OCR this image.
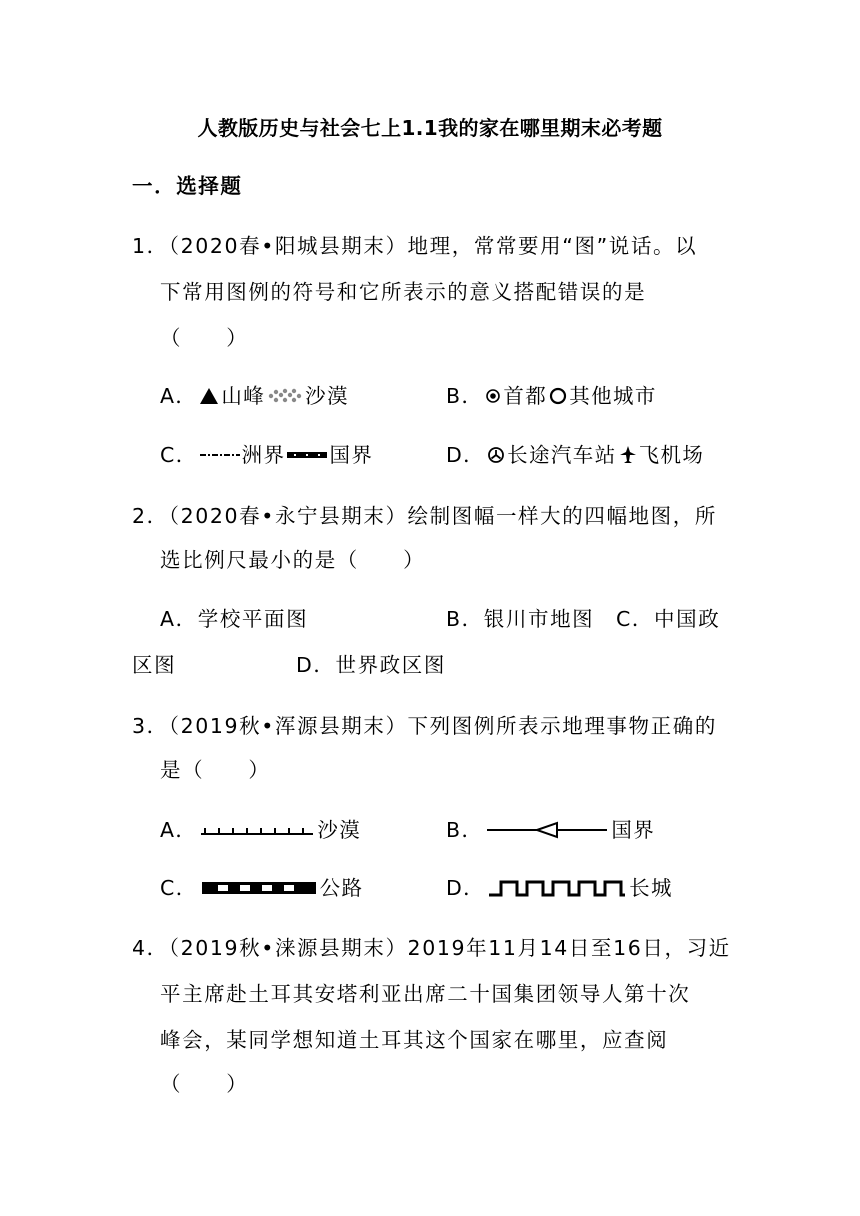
人教版历史与社会七上1.1我的家在哪里期末必考题
一．选择题
1．（2020春•阳城县期末）地理，常常要用“图”说话。以
下常用图例的符号和它所表示的意义搭配错误的是
（　　）
A． 山峰 沙漠	B． 首都 其他城市
C． 洲界 国界	D． 长途汽车站 飞机场
2．（2020春•永宁县期末）绘制图幅一样大的四幅地图，所
选比例尺最小的是（　　）
A．学校平面图	B．银川市地图 C．中国政
区图	D．世界政区图
3．（2019秋•浑源县期末）下列图例所表示地理事物正确的
是（　　）
A．	沙漠	B．	国界
C．	公路	D．	长城
4．（2019秋•涞源县期末）2019年11月14日至16日，习近
平主席赴土耳其安塔利亚出席二十国集团领导人第十次
峰会，某同学想知道土耳其这个国家在哪里，应查阅
（　　）
